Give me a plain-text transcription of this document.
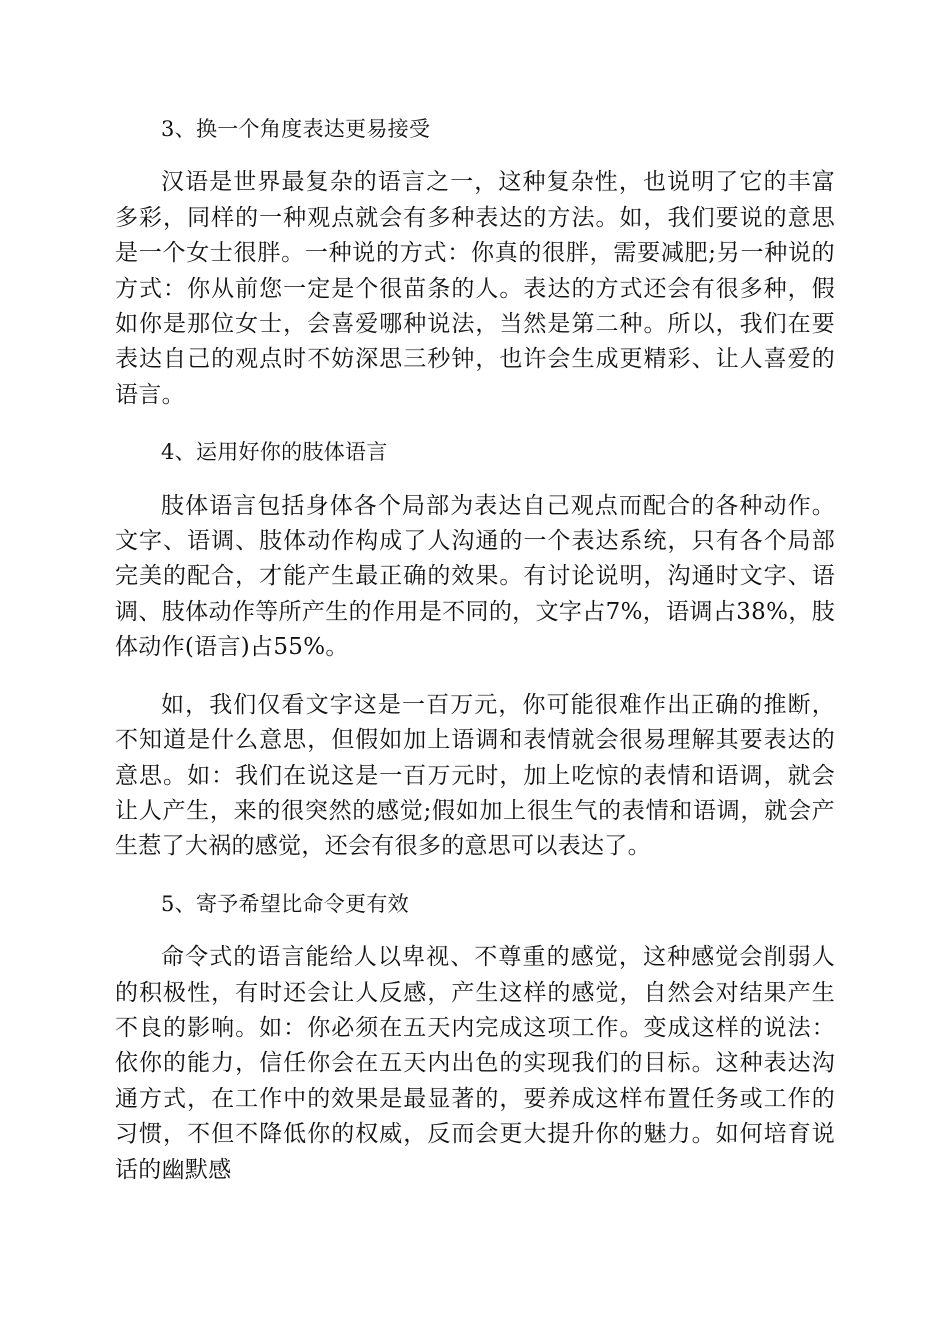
3、换一个角度表达更易接受
汉语是世界最复杂的语言之一，这种复杂性，也说明了它的丰富多彩，同样的一种观点就会有多种表达的方法。如，我们要说的意思是一个女士很胖。一种说的方式：你真的很胖，需要减肥;另一种说的方式：你从前您一定是个很苗条的人。表达的方式还会有很多种，假如你是那位女士，会喜爱哪种说法，当然是第二种。所以，我们在要表达自己的观点时不妨深思三秒钟，也许会生成更精彩、让人喜爱的语言。
4、运用好你的肢体语言
肢体语言包括身体各个局部为表达自己观点而配合的各种动作。文字、语调、肢体动作构成了人沟通的一个表达系统，只有各个局部完美的配合，才能产生最正确的效果。有讨论说明，沟通时文字、语调、肢体动作等所产生的作用是不同的，文字占7%，语调占38%，肢体动作(语言)占55%。
如，我们仅看文字这是一百万元，你可能很难作出正确的推断，不知道是什么意思，但假如加上语调和表情就会很易理解其要表达的意思。如：我们在说这是一百万元时，加上吃惊的表情和语调，就会让人产生，来的很突然的感觉;假如加上很生气的表情和语调，就会产生惹了大祸的感觉，还会有很多的意思可以表达了。
5、寄予希望比命令更有效
命令式的语言能给人以卑视、不尊重的感觉，这种感觉会削弱人的积极性，有时还会让人反感，产生这样的感觉，自然会对结果产生不良的影响。如：你必须在五天内完成这项工作。变成这样的说法：依你的能力，信任你会在五天内出色的实现我们的目标。这种表达沟通方式，在工作中的效果是最显著的，要养成这样布置任务或工作的习惯，不但不降低你的权威，反而会更大提升你的魅力。如何培育说话的幽默感
